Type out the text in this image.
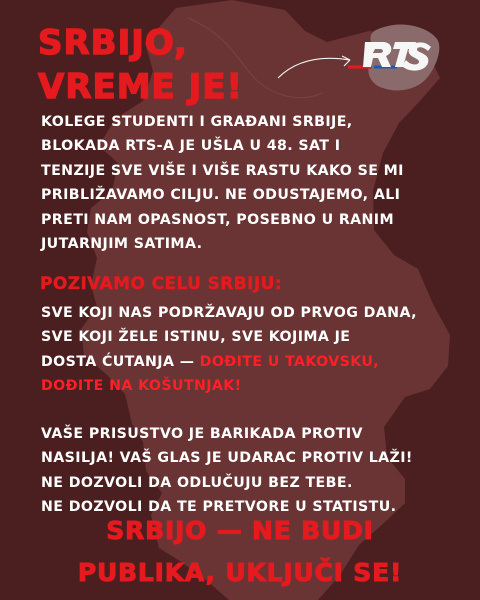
RTS
SRBIJO,
VREME JE!
KOLEGE STUDENTI I GRAĐANI SRBIJE,
BLOKADA RTS-A JE UŠLA U 48. SAT I
TENZIJE SVE VIŠE I VIŠE RASTU KAKO SE MI
PRIBLIŽAVAMO CILJU. NE ODUSTAJEMO, ALI
PRETI NAM OPASNOST, POSEBNO U RANIM
JUTARNJIM SATIMA.
POZIVAMO CELU SRBIJU:
SVE KOJI NAS PODRŽAVAJU OD PRVOG DANA,
SVE KOJI ŽELE ISTINU, SVE KOJIMA JE
DOSTA ĆUTANJA — DOĐITE U TAKOVSKU,
DOĐITE NA KOŠUTNJAK!
VAŠE PRISUSTVO JE BARIKADA PROTIV
NASILJA! VAŠ GLAS JE UDARAC PROTIV LAŽI!
NE DOZVOLI DA ODLUČUJU BEZ TEBE.
NE DOZVOLI DA TE PRETVORE U STATISTU.
SRBIJO — NE BUDI
PUBLIKA, UKLJUČI SE!
